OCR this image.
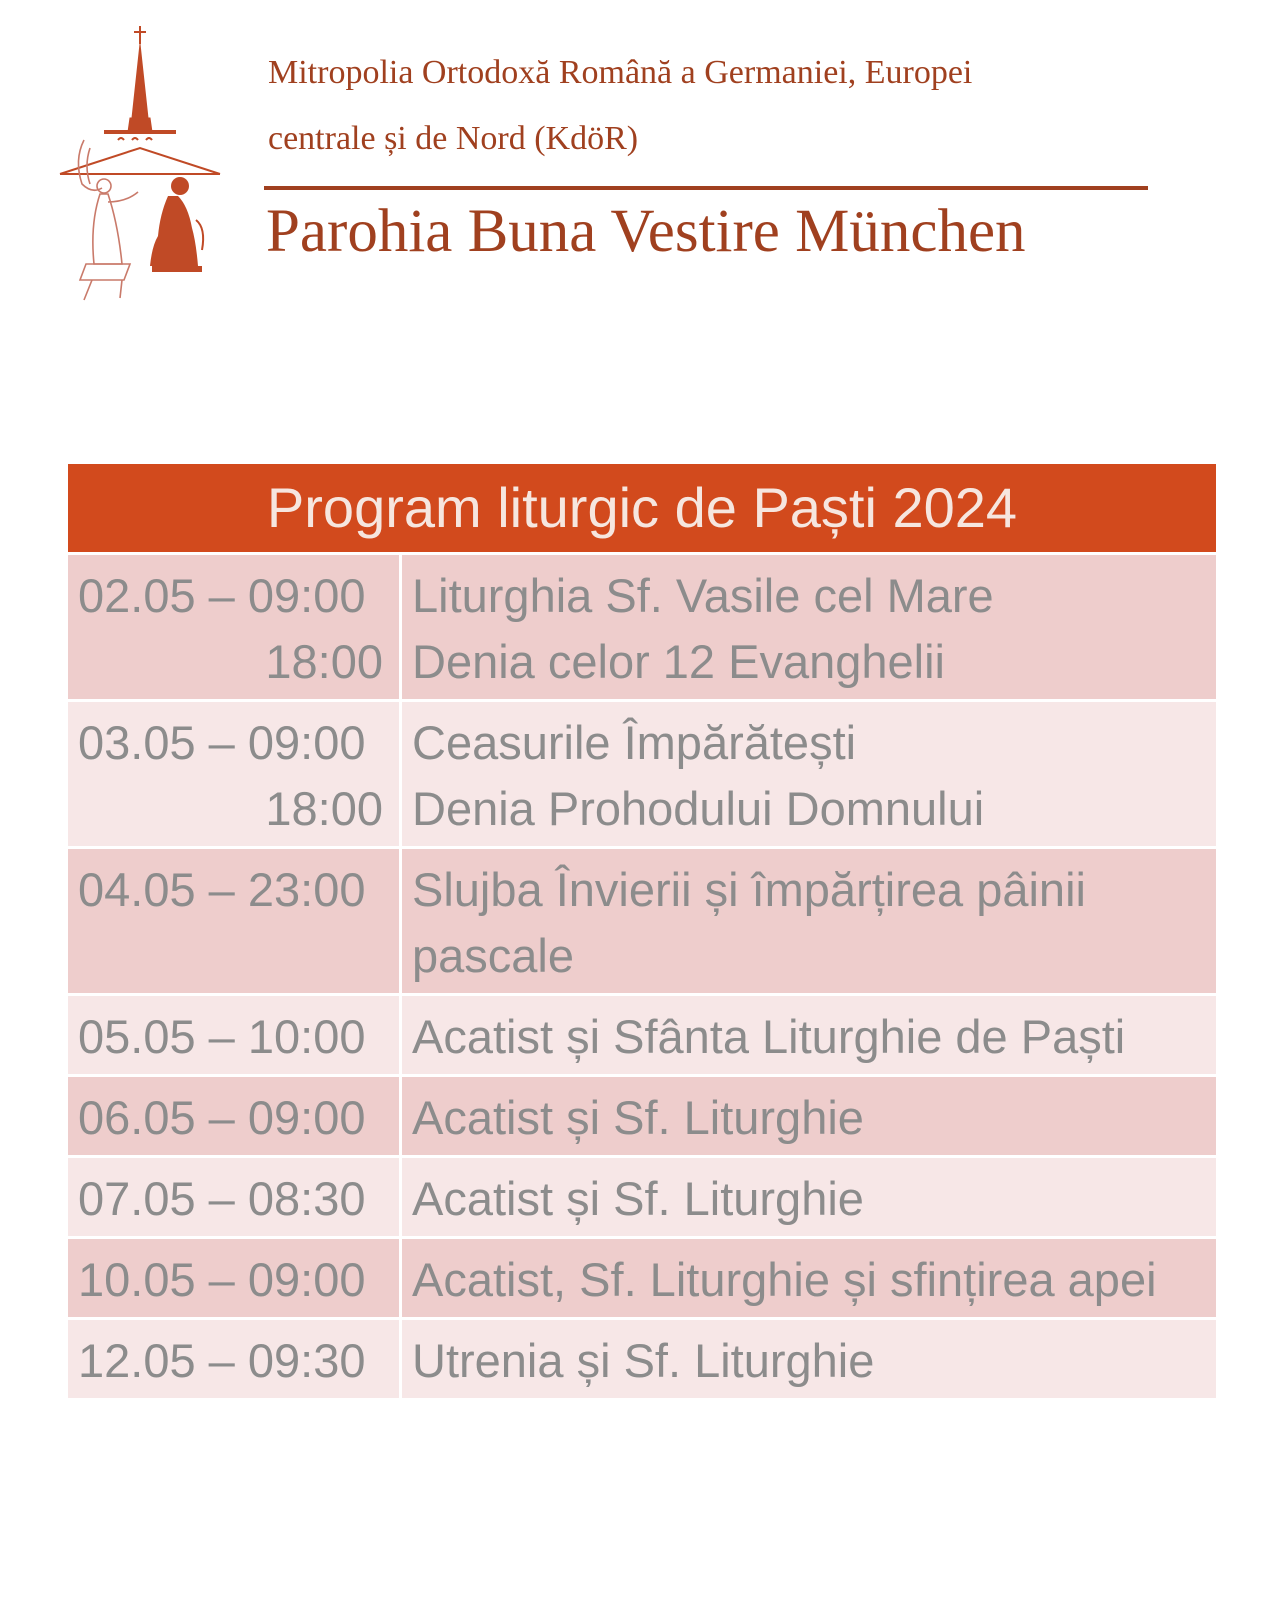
Mitropolia Ortodoxă Română a Germaniei, Europei
centrale și de Nord (KdöR)
Parohia Buna Vestire München
Program liturgic de Paști 2024
02.05 – 09:00
18:00
Liturghia Sf. Vasile cel Mare
Denia celor 12 Evanghelii
03.05 – 09:00
18:00
Ceasurile Împărătești
Denia Prohodului Domnului
04.05 – 23:00 Slujba Învierii și împărțirea pâinii
pascale
05.05 – 10:00 Acatist și Sfânta Liturghie de Paști
06.05 – 09:00 Acatist și Sf. Liturghie
07.05 – 08:30 Acatist și Sf. Liturghie
10.05 – 09:00 Acatist, Sf. Liturghie și sfințirea apei
12.05 – 09:30 Utrenia și Sf. Liturghie
